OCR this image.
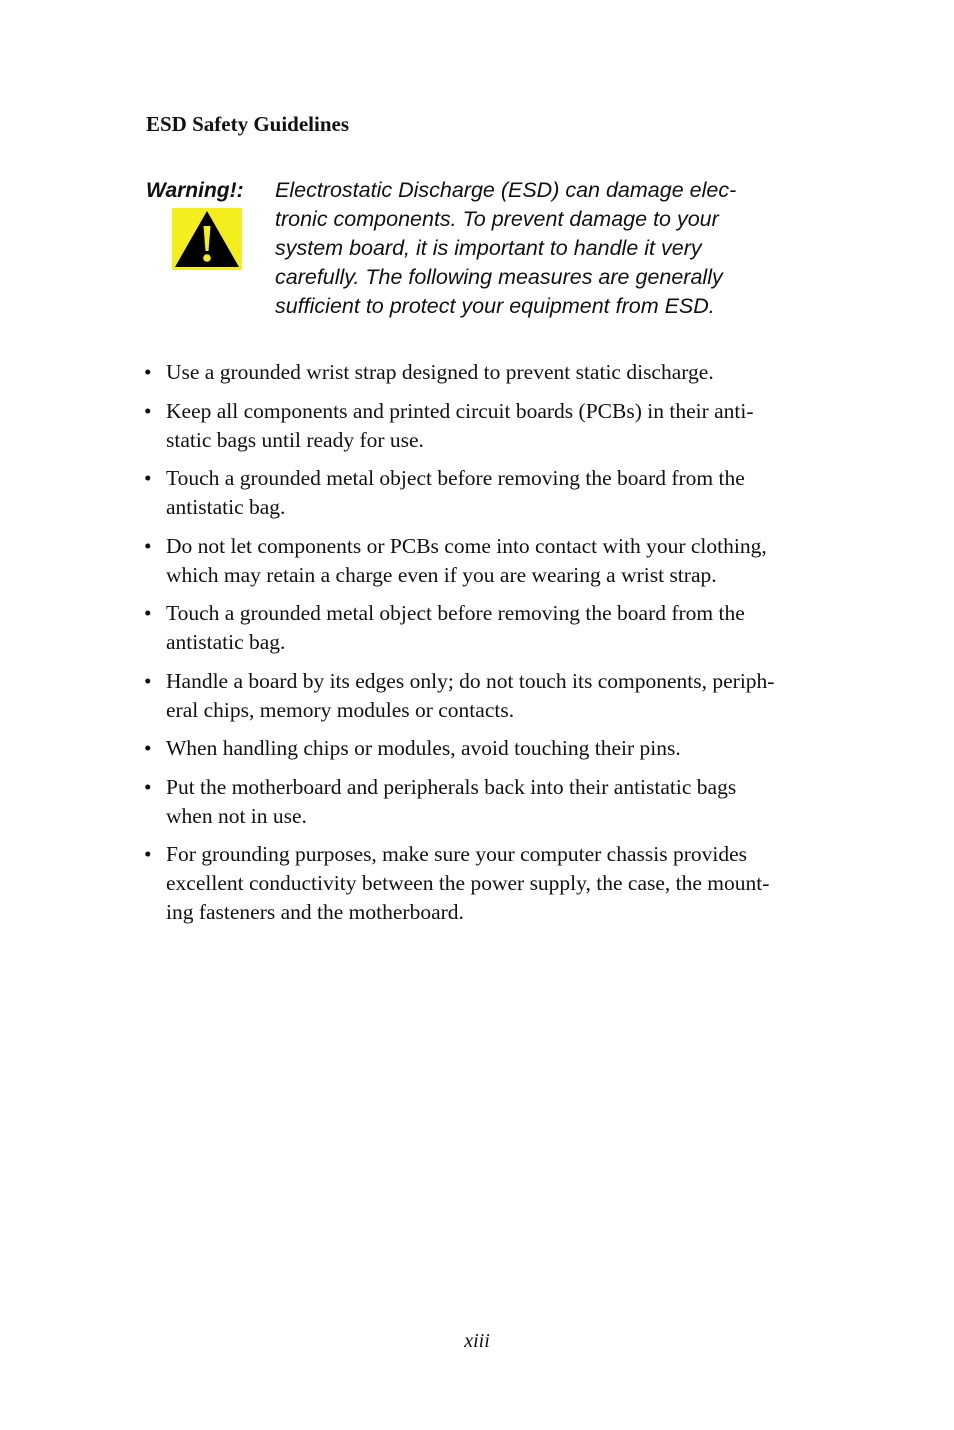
ESD Safety Guidelines
Warning!: Electrostatic Discharge (ESD) can damage elec-
tronic components. To prevent damage to your
system board, it is important to handle it very
carefully. The following measures are generally
sufficient to protect your equipment from ESD.
• Use a grounded wrist strap designed to prevent static discharge.
• Keep all components and printed circuit boards (PCBs) in their anti-
static bags until ready for use.
• Touch a grounded metal object before removing the board from the
antistatic bag.
• Do not let components or PCBs come into contact with your clothing,
which may retain a charge even if you are wearing a wrist strap.
• Touch a grounded metal object before removing the board from the
antistatic bag.
• Handle a board by its edges only; do not touch its components, periph-
eral chips, memory modules or contacts.
• When handling chips or modules, avoid touching their pins.
• Put the motherboard and peripherals back into their antistatic bags
when not in use.
• For grounding purposes, make sure your computer chassis provides
excellent conductivity between the power supply, the case, the mount-
ing fasteners and the motherboard.
xiii
